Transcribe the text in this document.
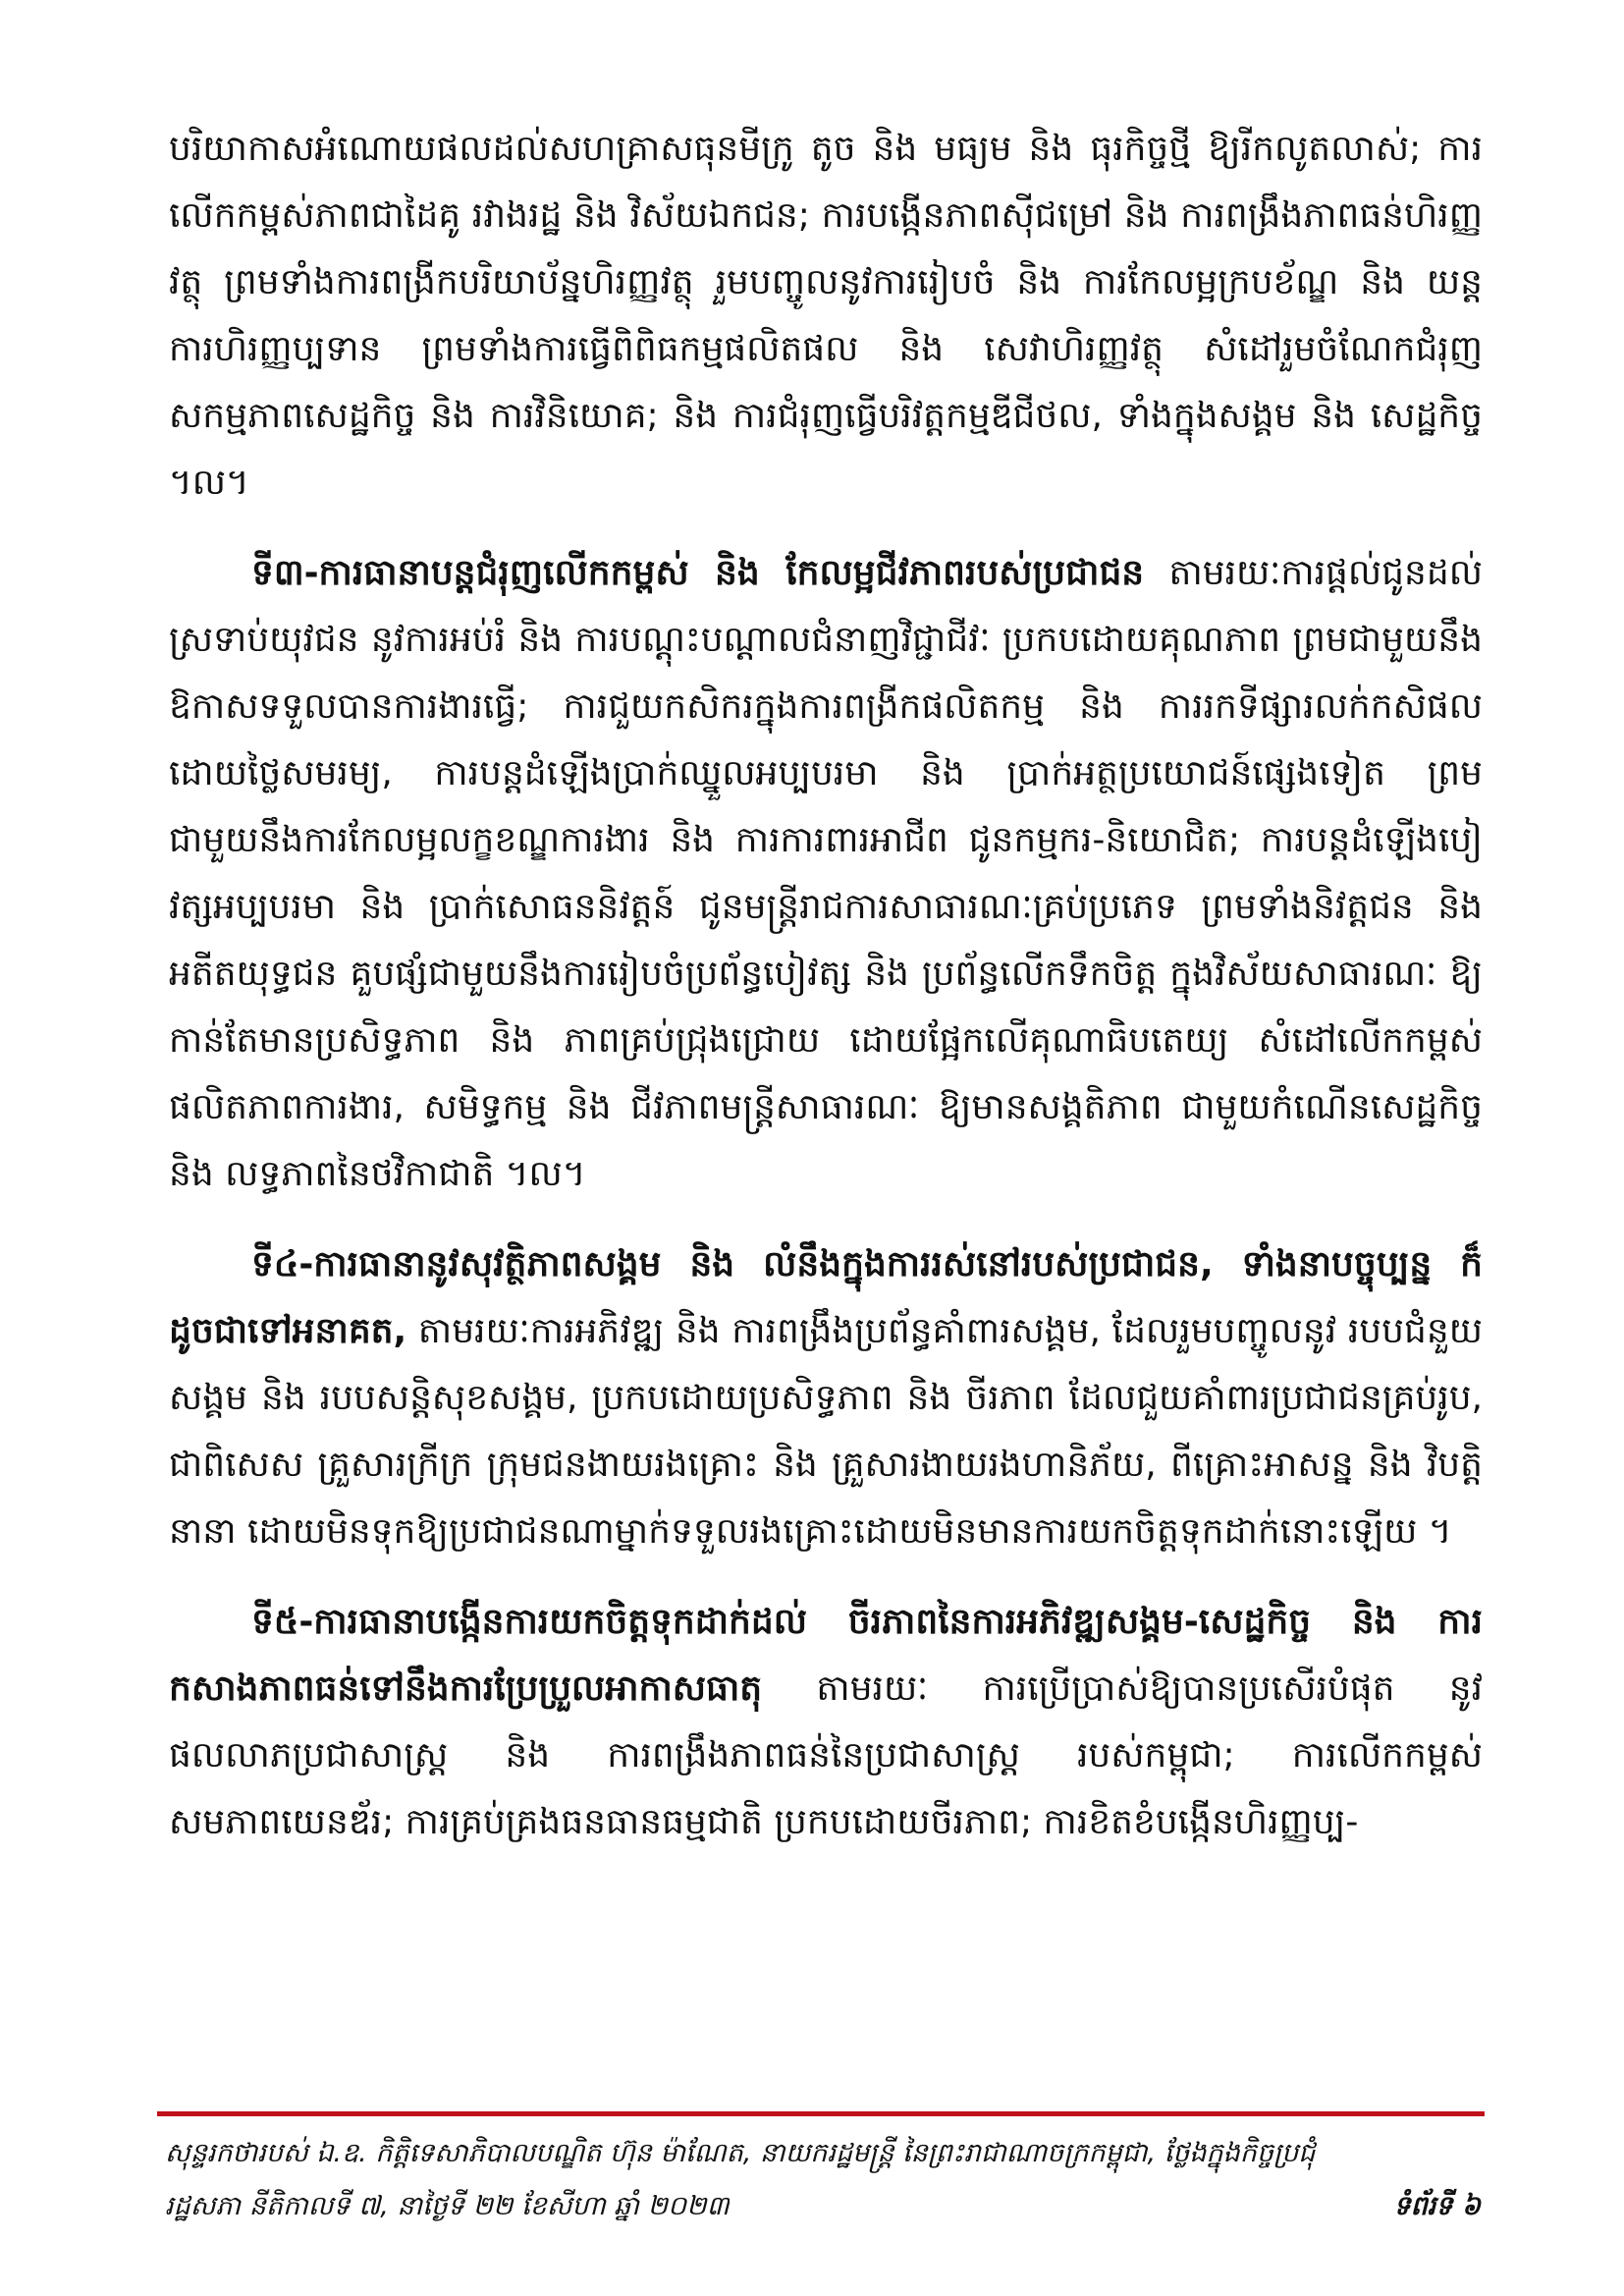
បរិយាកាសអំណោយផលដល់សហគ្រាសធុនមីក្រូ តូច និង មធ្យម និង ធុរកិច្ចថ្មី ឱ្យរីកលូតលាស់; ការលើកកម្ពស់ភាពជាដៃគូ រវាងរដ្ឋ និង វិស័យឯកជន; ការបង្កើនភាពស៊ីជម្រៅ និង ការពង្រឹងភាពធន់ហិរញ្ញវត្ថុ ព្រមទាំងការពង្រីកបរិយាប័ន្នហិរញ្ញវត្ថុ រួមបញ្ចូលនូវការរៀបចំ និង ការកែលម្អក្របខ័ណ្ឌ និង យន្តការហិរញ្ញប្បទាន ព្រមទាំងការធ្វើពិពិធកម្មផលិតផល និង សេវាហិរញ្ញវត្ថុ សំដៅរួមចំណែកជំរុញសកម្មភាពសេដ្ឋកិច្ច និង ការវិនិយោគ; និង ការជំរុញធ្វើបរិវត្តកម្មឌីជីថល, ទាំងក្នុងសង្គម និង សេដ្ឋកិច្ច ។ល។

ទី៣-ការធានាបន្តជំរុញលើកកម្ពស់ និង កែលម្អជីវភាពរបស់ប្រជាជន តាមរយៈការផ្ដល់ជូនដល់ស្រទាប់យុវជន នូវការអប់រំ និង ការបណ្ដុះបណ្ដាលជំនាញវិជ្ជាជីវៈ ប្រកបដោយគុណភាព ព្រមជាមួយនឹងឱកាសទទួលបានការងារធ្វើ; ការជួយកសិករក្នុងការពង្រីកផលិតកម្ម និង ការរកទីផ្សារលក់កសិផល ដោយថ្លៃសមរម្យ, ការបន្តដំឡើងប្រាក់ឈ្នួលអប្បបរមា និង ប្រាក់អត្ថប្រយោជន៍ផ្សេងទៀត ព្រមជាមួយនឹងការកែលម្អលក្ខខណ្ឌការងារ និង ការការពារអាជីព ជូនកម្មករ-និយោជិត; ការបន្តដំឡើងបៀវត្សអប្បបរមា និង ប្រាក់សោធននិវត្តន៍ ជូនមន្ត្រីរាជការសាធារណៈគ្រប់ប្រភេទ ព្រមទាំងនិវត្តជន និង អតីតយុទ្ធជន គួបផ្សំជាមួយនឹងការរៀបចំប្រព័ន្ធបៀវត្ស និង ប្រព័ន្ធលើកទឹកចិត្ត ក្នុងវិស័យសាធារណៈ ឱ្យកាន់តែមានប្រសិទ្ធភាព និង ភាពគ្រប់ជ្រុងជ្រោយ ដោយផ្អែកលើគុណាធិបតេយ្យ សំដៅលើកកម្ពស់ផលិតភាពការងារ, សមិទ្ធកម្ម និង ជីវភាពមន្ត្រីសាធារណៈ ឱ្យមានសង្គតិភាព ជាមួយកំណើនសេដ្ឋកិច្ច និង លទ្ធភាពនៃថវិកាជាតិ ។ល។

ទី៤-ការធានានូវសុវត្ថិភាពសង្គម និង លំនឹងក្នុងការរស់នៅរបស់ប្រជាជន, ទាំងនាបច្ចុប្បន្ន ក៏ដូចជាទៅអនាគត, តាមរយៈការអភិវឌ្ឍ និង ការពង្រឹងប្រព័ន្ធគាំពារសង្គម, ដែលរួមបញ្ចូលនូវ របបជំនួយសង្គម និង របបសន្តិសុខសង្គម, ប្រកបដោយប្រសិទ្ធភាព និង ចីរភាព ដែលជួយគាំពារប្រជាជនគ្រប់រូប, ជាពិសេស គ្រួសារក្រីក្រ ក្រុមជនងាយរងគ្រោះ និង គ្រួសារងាយរងហានិភ័យ, ពីគ្រោះអាសន្ន និង វិបត្តិនានា ដោយមិនទុកឱ្យប្រជាជនណាម្នាក់ទទួលរងគ្រោះដោយមិនមានការយកចិត្តទុកដាក់នោះឡើយ ។

ទី៥-ការធានាបង្កើនការយកចិត្តទុកដាក់ដល់ ចីរភាពនៃការអភិវឌ្ឍសង្គម-សេដ្ឋកិច្ច និង ការកសាងភាពធន់ទៅនឹងការប្រែប្រួលអាកាសធាតុ តាមរយៈ ការប្រើប្រាស់ឱ្យបានប្រសើរបំផុត នូវ ផលលាភប្រជាសាស្ត្រ និង ការពង្រឹងភាពធន់នៃប្រជាសាស្ត្រ របស់កម្ពុជា; ការលើកកម្ពស់សមភាពយេនឌ័រ; ការគ្រប់គ្រងធនធានធម្មជាតិ ប្រកបដោយចីរភាព; ការខិតខំបង្កើនហិរញ្ញប្ប-

សុន្ទរកថារបស់ ឯ.ឧ. កិត្តិទេសាភិបាលបណ្ឌិត ហ៊ុន ម៉ាណែត, នាយករដ្ឋមន្ត្រី នៃព្រះរាជាណាចក្រកម្ពុជា, ថ្លែងក្នុងកិច្ចប្រជុំ
រដ្ឋសភា នីតិកាលទី ៧, នាថ្ងៃទី ២២ ខែសីហា ឆ្នាំ ២០២៣	ទំព័រទី ៦
